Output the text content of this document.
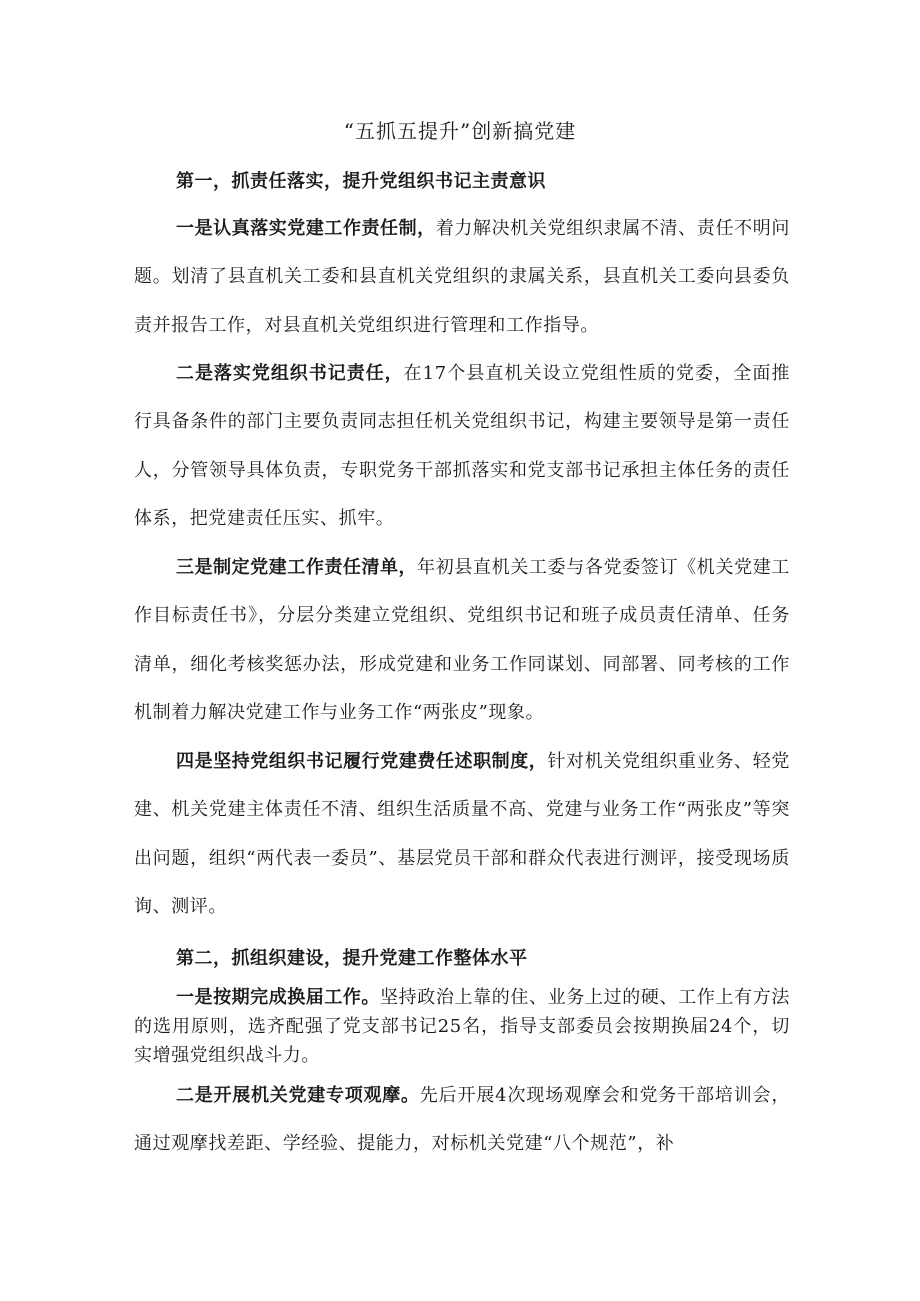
“五抓五提升”创新搞党建
第一，抓责任落实，提升党组织书记主责意识

一是认真落实党建工作责任制，着力解决机关党组织隶属不清、责任不明问题。划清了县直机关工委和县直机关党组织的隶属关系，县直机关工委向县委负责并报告工作，对县直机关党组织进行管理和工作指导。

二是落实党组织书记责任，在17个县直机关设立党组性质的党委，全面推行具备条件的部门主要负责同志担任机关党组织书记，构建主要领导是第一责任人，分管领导具体负责，专职党务干部抓落实和党支部书记承担主体任务的责任体系，把党建责任压实、抓牢。

三是制定党建工作责任清单，年初县直机关工委与各党委签订《机关党建工作目标责任书》，分层分类建立党组织、党组织书记和班子成员责任清单、任务清单，细化考核奖惩办法，形成党建和业务工作同谋划、同部署、同考核的工作机制着力解决党建工作与业务工作“两张皮”现象。

四是坚持党组织书记履行党建费任述职制度，针对机关党组织重业务、轻党建、机关党建主体责任不清、组织生活质量不高、党建与业务工作“两张皮”等突出问题，组织“两代表一委员”、基层党员干部和群众代表进行测评，接受现场质询、测评。

第二，抓组织建设，提升党建工作整体水平

一是按期完成换届工作。坚持政治上靠的住、业务上过的硬、工作上有方法的选用原则，选齐配强了党支部书记25名，指导支部委员会按期换届24个，切实增强党组织战斗力。

二是开展机关党建专项观摩。先后开展4次现场观摩会和党务干部培训会，通过观摩找差距、学经验、提能力，对标机关党建“八个规范”，补
